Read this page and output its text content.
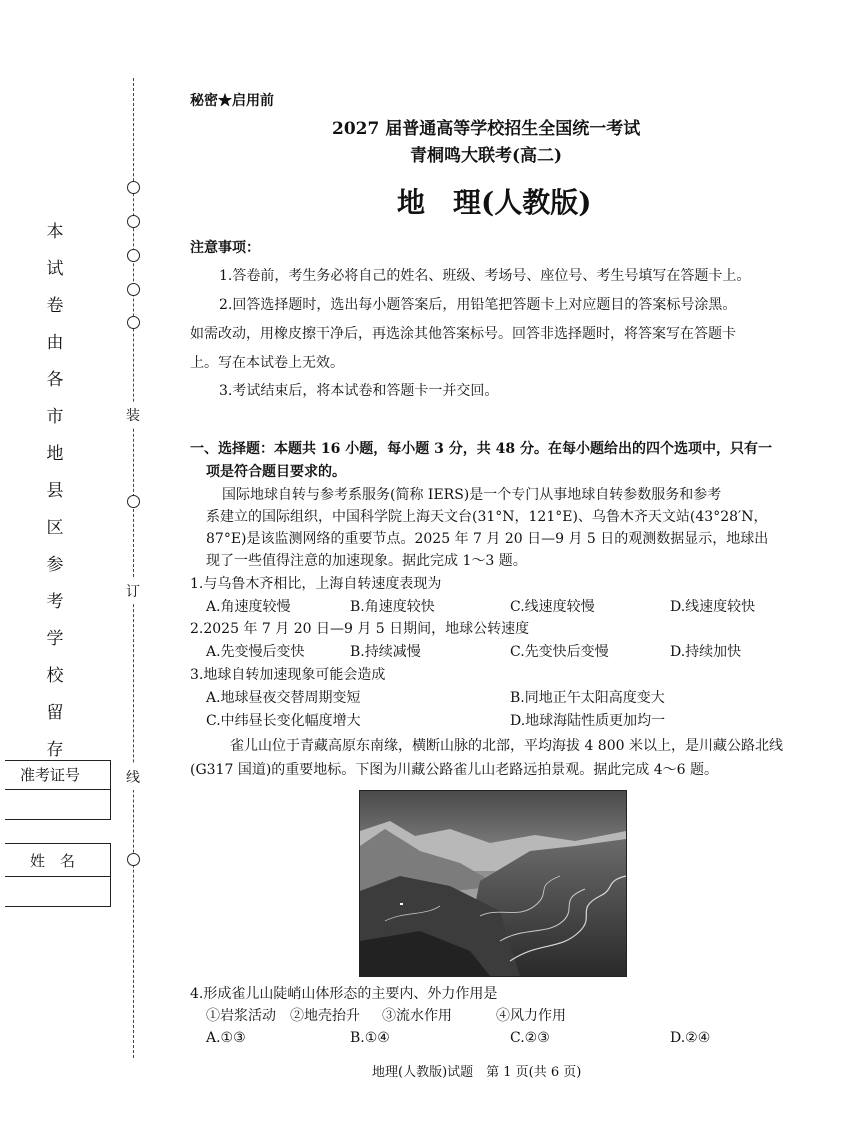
装
订
线
本
试
卷
由
各
市
地
县
区
参
考
学
校
留
存
准考证号
姓　名
秘密★启用前
2027 届普通高等学校招生全国统一考试
青桐鸣大联考(高二)
地　理(人教版)
注意事项：
1.答卷前，考生务必将自己的姓名、班级、考场号、座位号、考生号填写在答题卡上。
2.回答选择题时，选出每小题答案后，用铅笔把答题卡上对应题目的答案标号涂黑。
如需改动，用橡皮擦干净后，再选涂其他答案标号。回答非选择题时，将答案写在答题卡
上。写在本试卷上无效。
3.考试结束后，将本试卷和答题卡一并交回。
一、选择题：本题共 16 小题，每小题 3 分，共 48 分。在每小题给出的四个选项中，只有一
项是符合题目要求的。
国际地球自转与参考系服务(简称 IERS)是一个专门从事地球自转参数服务和参考
系建立的国际组织，中国科学院上海天文台(31°N，121°E)、乌鲁木齐天文站(43°28′N，
87°E)是该监测网络的重要节点。2025 年 7 月 20 日—9 月 5 日的观测数据显示，地球出
现了一些值得注意的加速现象。据此完成 1～3 题。
1.与乌鲁木齐相比，上海自转速度表现为
A.角速度较慢	B.角速度较快	C.线速度较慢	D.线速度较快
2.2025 年 7 月 20 日—9 月 5 日期间，地球公转速度
A.先变慢后变快	B.持续减慢	C.先变快后变慢	D.持续加快
3.地球自转加速现象可能会造成
A.地球昼夜交替周期变短	B.同地正午太阳高度变大
C.中纬昼长变化幅度增大	D.地球海陆性质更加均一
雀儿山位于青藏高原东南缘，横断山脉的北部，平均海拔 4 800 米以上，是川藏公路北线
(G317 国道)的重要地标。下图为川藏公路雀儿山老路远拍景观。据此完成 4～6 题。
4.形成雀儿山陡峭山体形态的主要内、外力作用是
①岩浆活动 ②地壳抬升 ③流水作用	④风力作用
A.①③	B.①④	C.②③	D.②④
地理(人教版)试题　第 1 页(共 6 页)
